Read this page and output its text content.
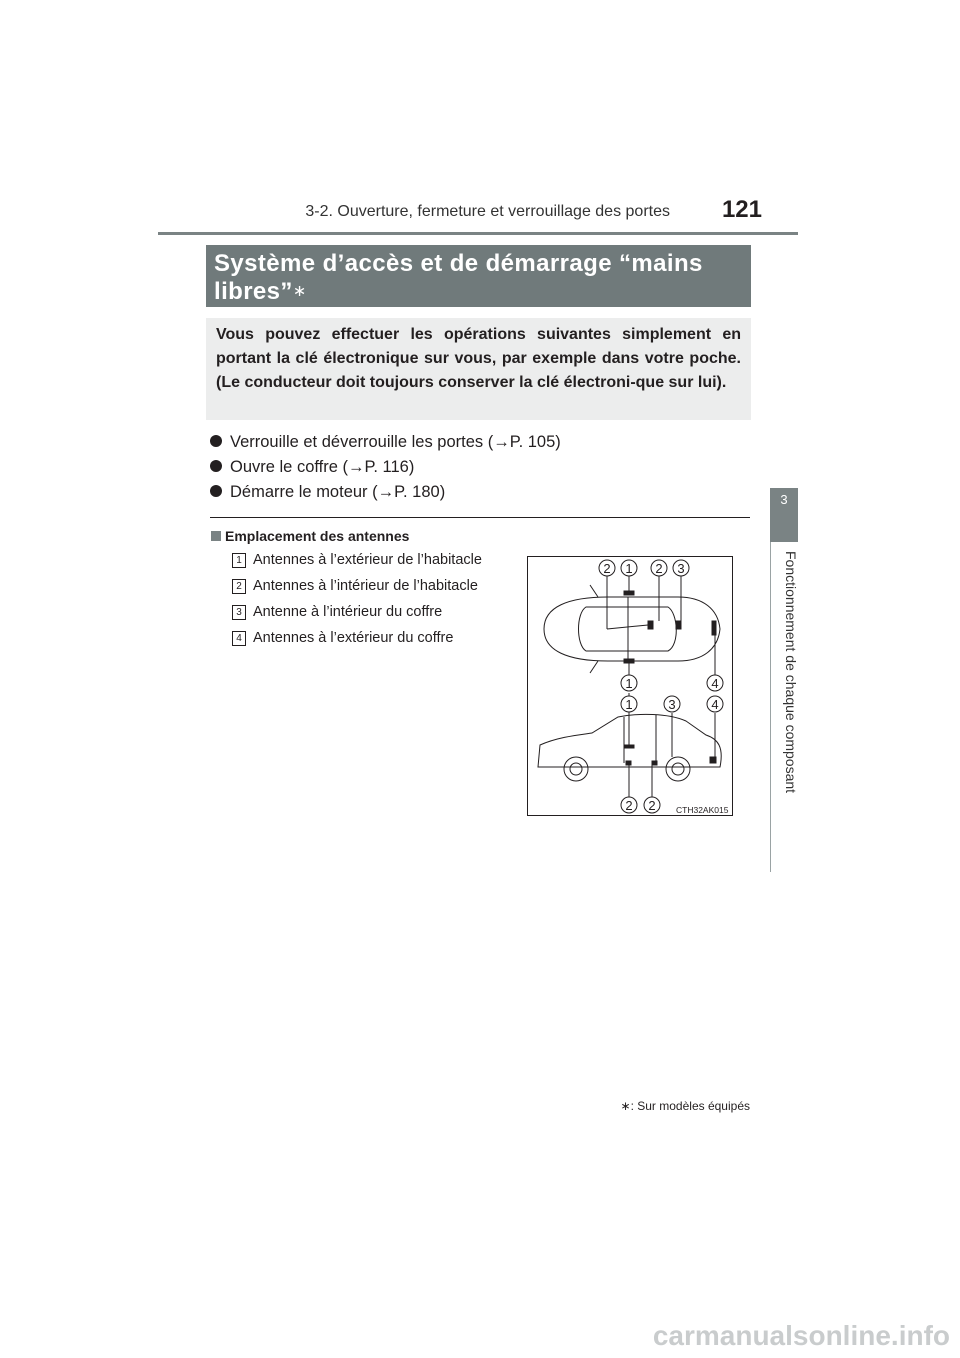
3-2. Ouverture, fermeture et verrouillage des portes	121
3
Fonctionnement de chaque composant
Système d’accès et de démarrage “mains
libres”∗
Vous pouvez effectuer les opérations suivantes simplement en portant la clé électronique sur vous, par exemple dans votre poche. (Le conducteur doit toujours conserver la clé électroni-que sur lui).
Verrouille et déverrouille les portes (→P. 105)
Ouvre le coffre (→P. 116)
Démarre le moteur (→P. 180)
Emplacement des antennes
1 Antennes à l’extérieur de l’habitacle
2 Antennes à l’intérieur de l’habitacle
3 Antenne à l’intérieur du coffre
4 Antennes à l’extérieur du coffre
2 1 2 3
1	4
1	3	4
2 2 CTH32AK015
∗: Sur modèles équipés
carmanualsonline.info
